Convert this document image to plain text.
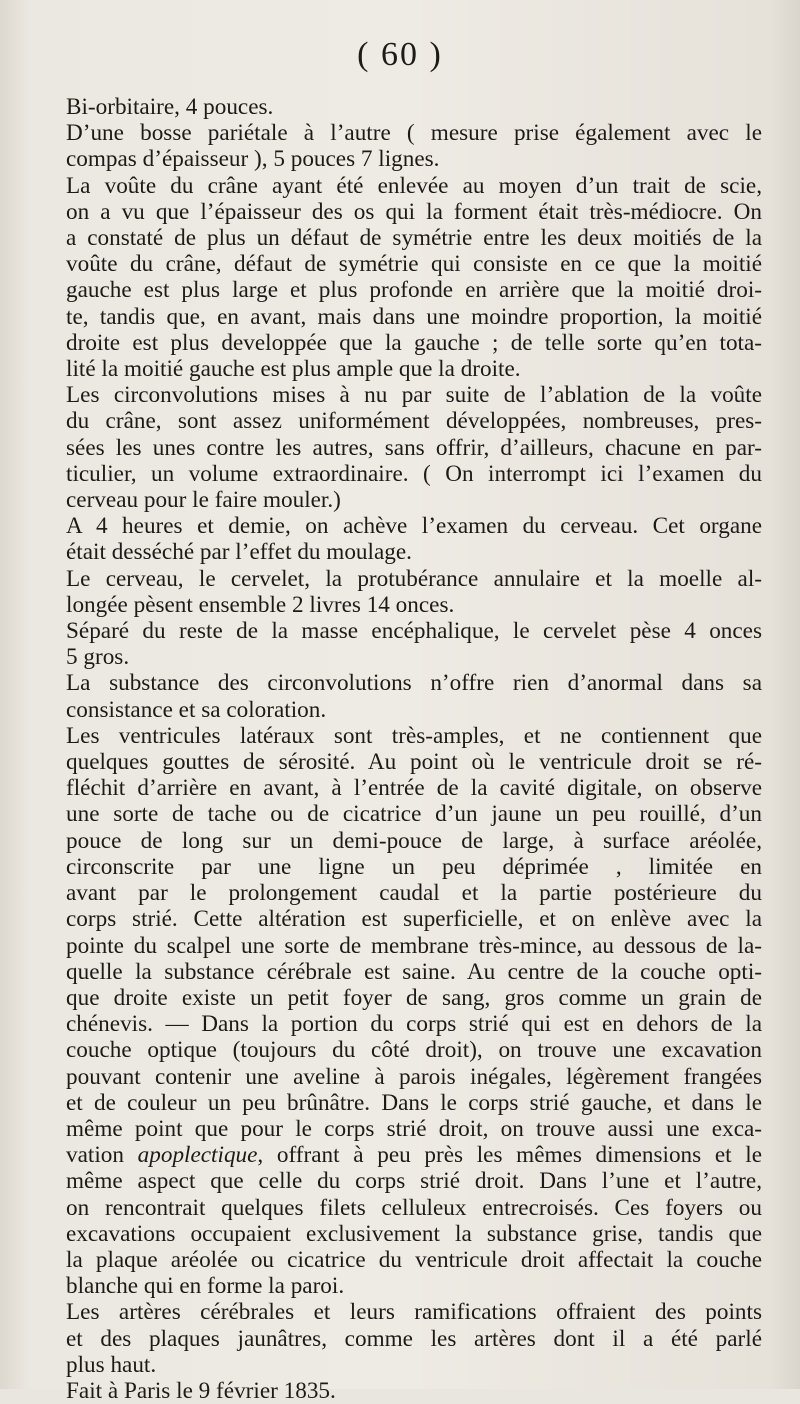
( 60 )

Bi-orbitaire, 4 pouces.

D’une bosse pariétale à l’autre ( mesure prise également avec le
compas d’épaisseur ), 5 pouces 7 lignes.

La voûte du crâne ayant été enlevée au moyen d’un trait de scie,
on a vu que l’épaisseur des os qui la forment était très-médiocre. On
a constaté de plus un défaut de symétrie entre les deux moitiés de la
voûte du crâne, défaut de symétrie qui consiste en ce que la moitié
gauche est plus large et plus profonde en arrière que la moitié droi-
te, tandis que, en avant, mais dans une moindre proportion, la moitié
droite est plus developpée que la gauche ; de telle sorte qu’en tota-
lité la moitié gauche est plus ample que la droite.

Les circonvolutions mises à nu par suite de l’ablation de la voûte
du crâne, sont assez uniformément développées, nombreuses, pres-
sées les unes contre les autres, sans offrir, d’ailleurs, chacune en par-
ticulier, un volume extraordinaire. ( On interrompt ici l’examen du
cerveau pour le faire mouler.)

A 4 heures et demie, on achève l’examen du cerveau. Cet organe
était desséché par l’effet du moulage.

Le cerveau, le cervelet, la protubérance annulaire et la moelle al-
longée pèsent ensemble 2 livres 14 onces.

Séparé du reste de la masse encéphalique, le cervelet pèse 4 onces
5 gros.

La substance des circonvolutions n’offre rien d’anormal dans sa
consistance et sa coloration.

Les ventricules latéraux sont très-amples, et ne contiennent que
quelques gouttes de sérosité. Au point où le ventricule droit se ré-
fléchit d’arrière en avant, à l’entrée de la cavité digitale, on observe
une sorte de tache ou de cicatrice d’un jaune un peu rouillé, d’un
pouce de long sur un demi-pouce de large, à surface aréolée,
circonscrite par une ligne un peu déprimée , limitée en
avant par le prolongement caudal et la partie postérieure du
corps strié. Cette altération est superficielle, et on enlève avec la
pointe du scalpel une sorte de membrane très-mince, au dessous de la-
quelle la substance cérébrale est saine. Au centre de la couche opti-
que droite existe un petit foyer de sang, gros comme un grain de
chénevis. — Dans la portion du corps strié qui est en dehors de la
couche optique (toujours du côté droit), on trouve une excavation
pouvant contenir une aveline à parois inégales, légèrement frangées
et de couleur un peu brûnâtre. Dans le corps strié gauche, et dans le
même point que pour le corps strié droit, on trouve aussi une exca-
vation apoplectique, offrant à peu près les mêmes dimensions et le
même aspect que celle du corps strié droit. Dans l’une et l’autre,
on rencontrait quelques filets celluleux entrecroisés. Ces foyers ou
excavations occupaient exclusivement la substance grise, tandis que
la plaque aréolée ou cicatrice du ventricule droit affectait la couche
blanche qui en forme la paroi.

Les artères cérébrales et leurs ramifications offraient des points
et des plaques jaunâtres, comme les artères dont il a été parlé
plus haut.

Fait à Paris le 9 février 1835.
